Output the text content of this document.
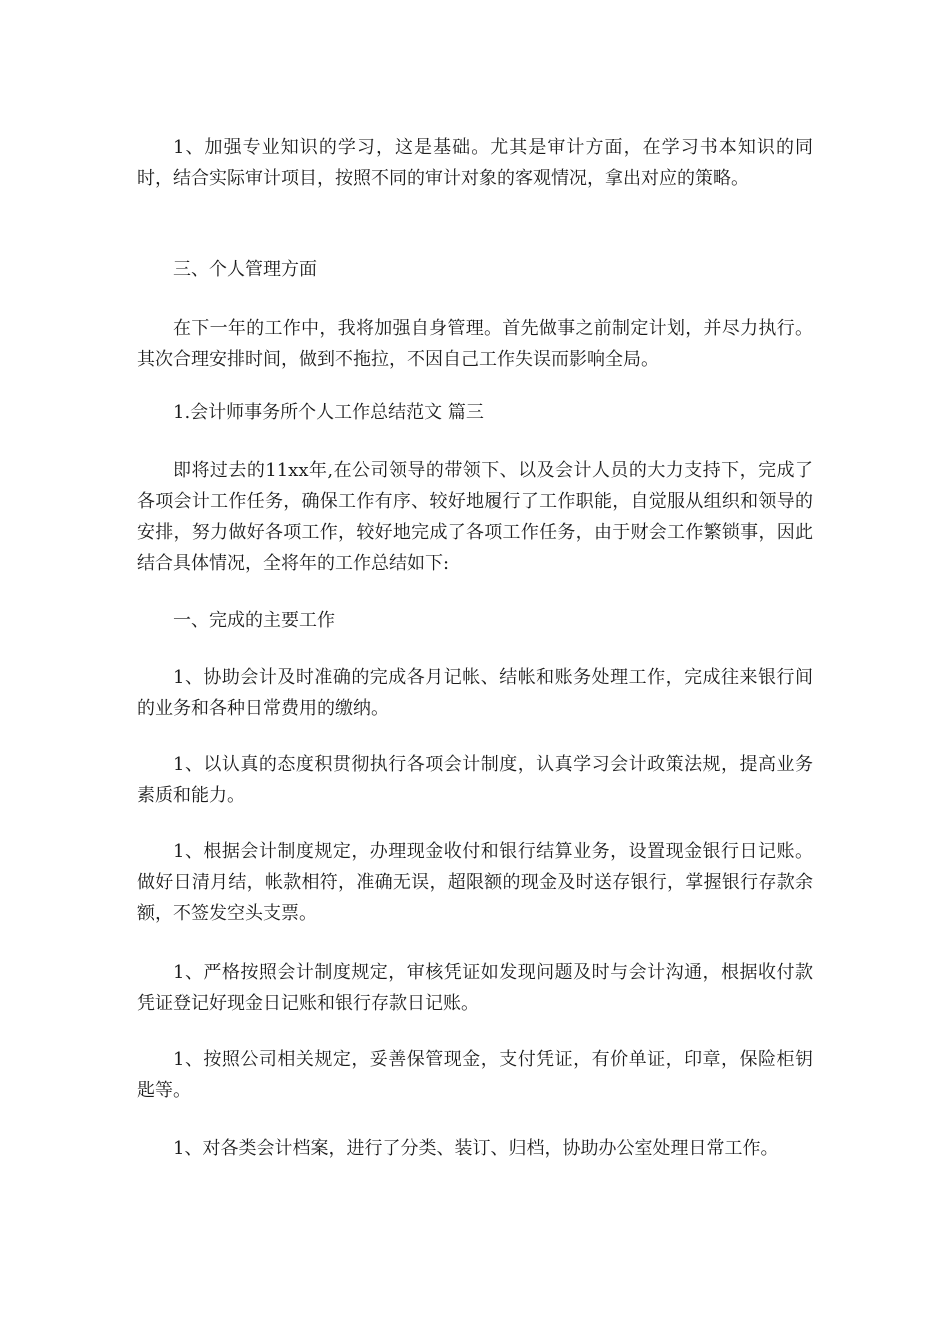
1、加强专业知识的学习，这是基础。尤其是审计方面，在学习书本知识的同时，结合实际审计项目，按照不同的审计对象的客观情况，拿出对应的策略。

三、个人管理方面

在下一年的工作中，我将加强自身管理。首先做事之前制定计划，并尽力执行。其次合理安排时间，做到不拖拉，不因自己工作失误而影响全局。

1.会计师事务所个人工作总结范文 篇三

即将过去的11xx年,在公司领导的带领下、以及会计人员的大力支持下，完成了各项会计工作任务，确保工作有序、较好地履行了工作职能，自觉服从组织和领导的安排，努力做好各项工作，较好地完成了各项工作任务，由于财会工作繁锁事，因此结合具体情况，全将年的工作总结如下:

一、完成的主要工作

1、协助会计及时准确的完成各月记帐、结帐和账务处理工作，完成往来银行间的业务和各种日常费用的缴纳。

1、以认真的态度积贯彻执行各项会计制度，认真学习会计政策法规，提高业务素质和能力。

1、根据会计制度规定，办理现金收付和银行结算业务，设置现金银行日记账。做好日清月结，帐款相符，准确无误，超限额的现金及时送存银行，掌握银行存款余额，不签发空头支票。

1、严格按照会计制度规定，审核凭证如发现问题及时与会计沟通，根据收付款凭证登记好现金日记账和银行存款日记账。

1、按照公司相关规定，妥善保管现金，支付凭证，有价单证，印章，保险柜钥匙等。

1、对各类会计档案，进行了分类、装订、归档，协助办公室处理日常工作。
